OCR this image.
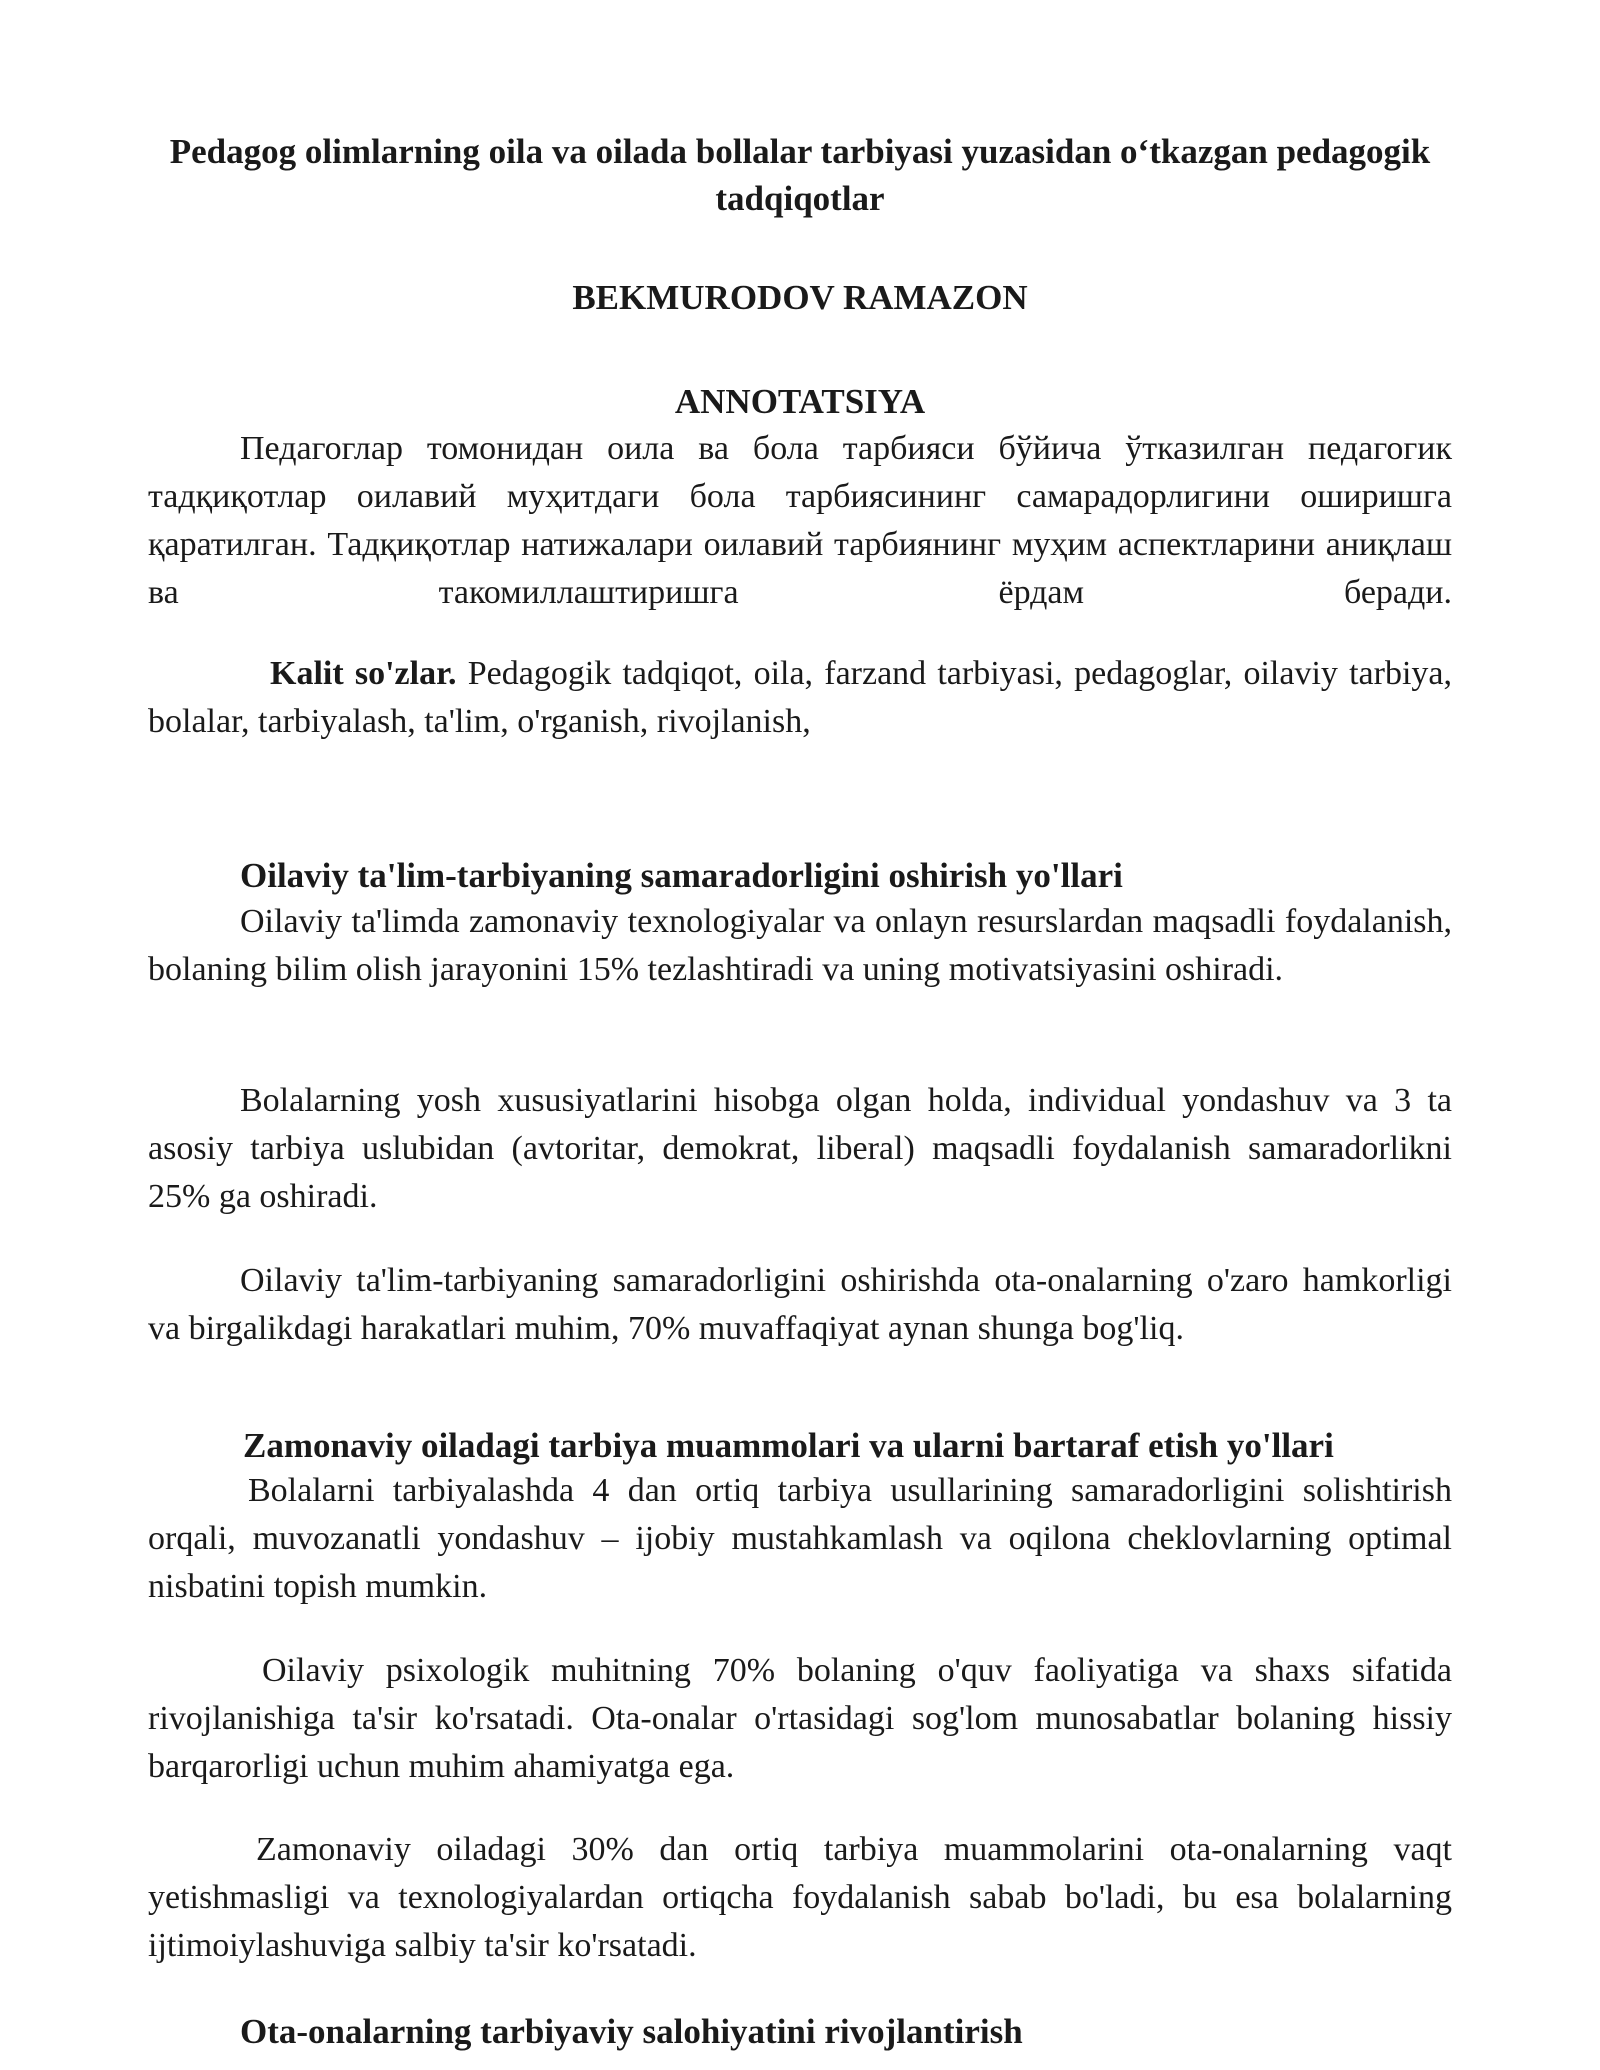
Pedagog olimlarning oila va oilada bollalar tarbiyasi yuzasidan o‘tkazgan pedagogik tadqiqotlar
BEKMURODOV RAMAZON
ANNOTATSIYA

Педагоглар томонидан оила ва бола тарбияси бўйича ўтказилган педагогик тадқиқотлар оилавий муҳитдаги бола тарбиясининг самарадорлигини оширишга қаратилган. Тадқиқотлар натижалари оилавий тарбиянинг муҳим аспектларини аниқлаш ва такомиллаштиришга ёрдам беради.

Kalit so'zlar. Pedagogik tadqiqot, oila, farzand tarbiyasi, pedagoglar, oilaviy tarbiya, bolalar, tarbiyalash, ta'lim, o'rganish, rivojlanish,

Oilaviy ta'lim-tarbiyaning samaradorligini oshirish yo'llari

Oilaviy ta'limda zamonaviy texnologiyalar va onlayn resurslardan maqsadli foydalanish, bolaning bilim olish jarayonini 15% tezlashtiradi va uning motivatsiyasini oshiradi.

Bolalarning yosh xususiyatlarini hisobga olgan holda, individual yondashuv va 3 ta asosiy tarbiya uslubidan (avtoritar, demokrat, liberal) maqsadli foydalanish samaradorlikni 25% ga oshiradi.

Oilaviy ta'lim-tarbiyaning samaradorligini oshirishda ota-onalarning o'zaro hamkorligi va birgalikdagi harakatlari muhim, 70% muvaffaqiyat aynan shunga bog'liq.

Zamonaviy oiladagi tarbiya muammolari va ularni bartaraf etish yo'llari

Bolalarni tarbiyalashda 4 dan ortiq tarbiya usullarining samaradorligini solishtirish orqali, muvozanatli yondashuv – ijobiy mustahkamlash va oqilona cheklovlarning optimal nisbatini topish mumkin.

Oilaviy psixologik muhitning 70% bolaning o'quv faoliyatiga va shaxs sifatida rivojlanishiga ta'sir ko'rsatadi. Ota-onalar o'rtasidagi sog'lom munosabatlar bolaning hissiy barqarorligi uchun muhim ahamiyatga ega.

Zamonaviy oiladagi 30% dan ortiq tarbiya muammolarini ota-onalarning vaqt yetishmasligi va texnologiyalardan ortiqcha foydalanish sabab bo'ladi, bu esa bolalarning ijtimoiylashuviga salbiy ta'sir ko'rsatadi.

Ota-onalarning tarbiyaviy salohiyatini rivojlantirish
